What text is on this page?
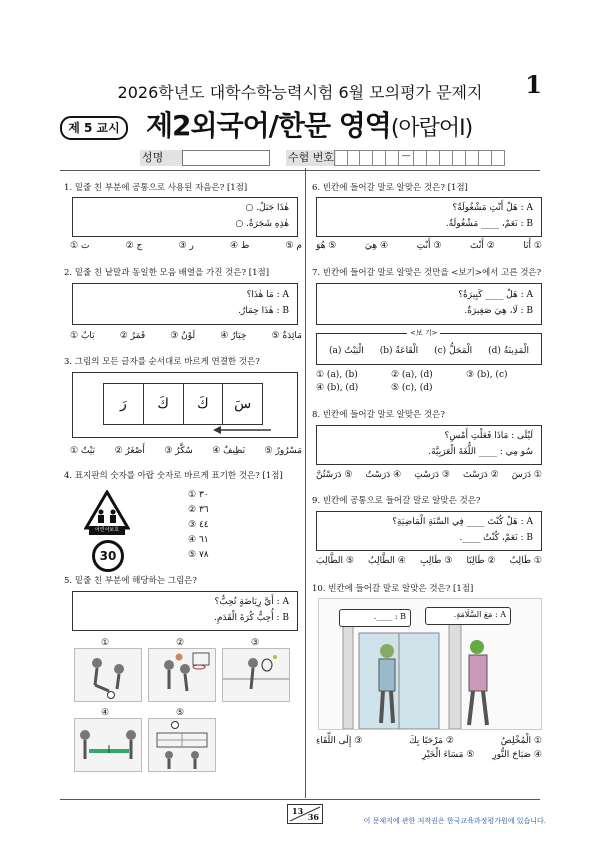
2026학년도 대학수학능력시험 6월 모의평가 문제지	1
제 5 교시 제2외국어/한문 영역(아랍어Ⅰ)
성명	수험 번호	—
1. 밑줄 친 부분에 공통으로 사용된 자음은? [1점]
هٰذَا جَبَلٌ. ○
هٰذِهِ شَجَرَةٌ. ○
① ت	② ج	③ ر	④ ط	⑤ م
2. 밑줄 친 낱말과 동일한 모음 배열을 가진 것은? [1점]
A : مَا هٰذَا؟
B : هٰذَا حِمَارٌ.
① بَابٌ	② قَمَرٌ	③ لَوْنٌ	④ خِيَارٌ	⑤ مَائِدَةٌ
3. 그림의 모든 글자를 순서대로 바르게 연결한 것은?
رَ	كَ	كَ	سَ
① بَيْتٌ ② أَصْغَرُ ③ سُكَّرٌ ④ نَظِيفٌ ⑤ مَسْرُورٌ
4. 표지판의 숫자를 아랍 숫자로 바르게 표기한 것은? [1점]
어린이보호
30
① ٣٠
② ٣٦
③ ٤٤
④ ٦١
⑤ ٧٨
5. 밑줄 친 부분에 해당하는 그림은?
A : أَيَّ رِيَاضَةٍ تُحِبُّ؟
B : أُحِبُّ كُرَةَ الْقَدَمِ.
①	②	③
④	⑤
6. 빈칸에 들어갈 말로 알맞은 것은? [1점]
A : هَلْ أَنْتِ مَشْغُولَةٌ؟
B : نَعَمْ، ____ مَشْغُولَةٌ.
① أَنَا
② أَنْتَ
③ أَنْتِ
④ هِيَ
⑤ هُوَ
7. 빈칸에 들어갈 말로 알맞은 것만을 <보기>에서 고른 것은?
A : هَلْ ____ كَبِيرَةٌ؟
B : لَا، هِيَ صَغِيرَةٌ.
<보 기>
(a) الْبَيْتُ (b) الْقَاعَةُ (c) الْمَحَلُّ (d) الْمَدِينَةُ
① (a), (b)	② (a), (d)	③ (b), (c)
④ (b), (d)	⑤ (c), (d)
8. 빈칸에 들어갈 말로 알맞은 것은?
لَيْلَى : مَاذَا فَعَلْتِ أَمْسِ؟
سُو مِي : ____ اللُّغَةَ الْعَرَبِيَّةَ.
① دَرَسَ
② دَرَسْتَ
③ دَرَسْتِ
④ دَرَسْتُ
⑤ دَرَسْتُنَّ
9. 빈칸에 공통으로 들어갈 말로 알맞은 것은?
A : هَلْ كُنْتَ ____ فِي السَّنَةِ الْمَاضِيَةِ؟
B : نَعَمْ، كُنْتُ ____.
① طَالِبٌ
② طَالِبًا
③ طَالِبِ
④ الطَّالِبُ
⑤ الطَّالِبَ
10. 빈칸에 들어갈 말로 알맞은 것은? [1점]
B : ____.	A : مَعَ السَّلَامَةِ.
① الْمُخْلِصُ
② مَرْحَبًا بِكَ
③ إِلَى اللِّقَاءِ
④ صَبَاحَ النُّورِ
⑤ مَسَاءَ الْخَيْرِ
13
36	이 문제지에 관한 저작권은 한국교육과정평가원에 있습니다.
